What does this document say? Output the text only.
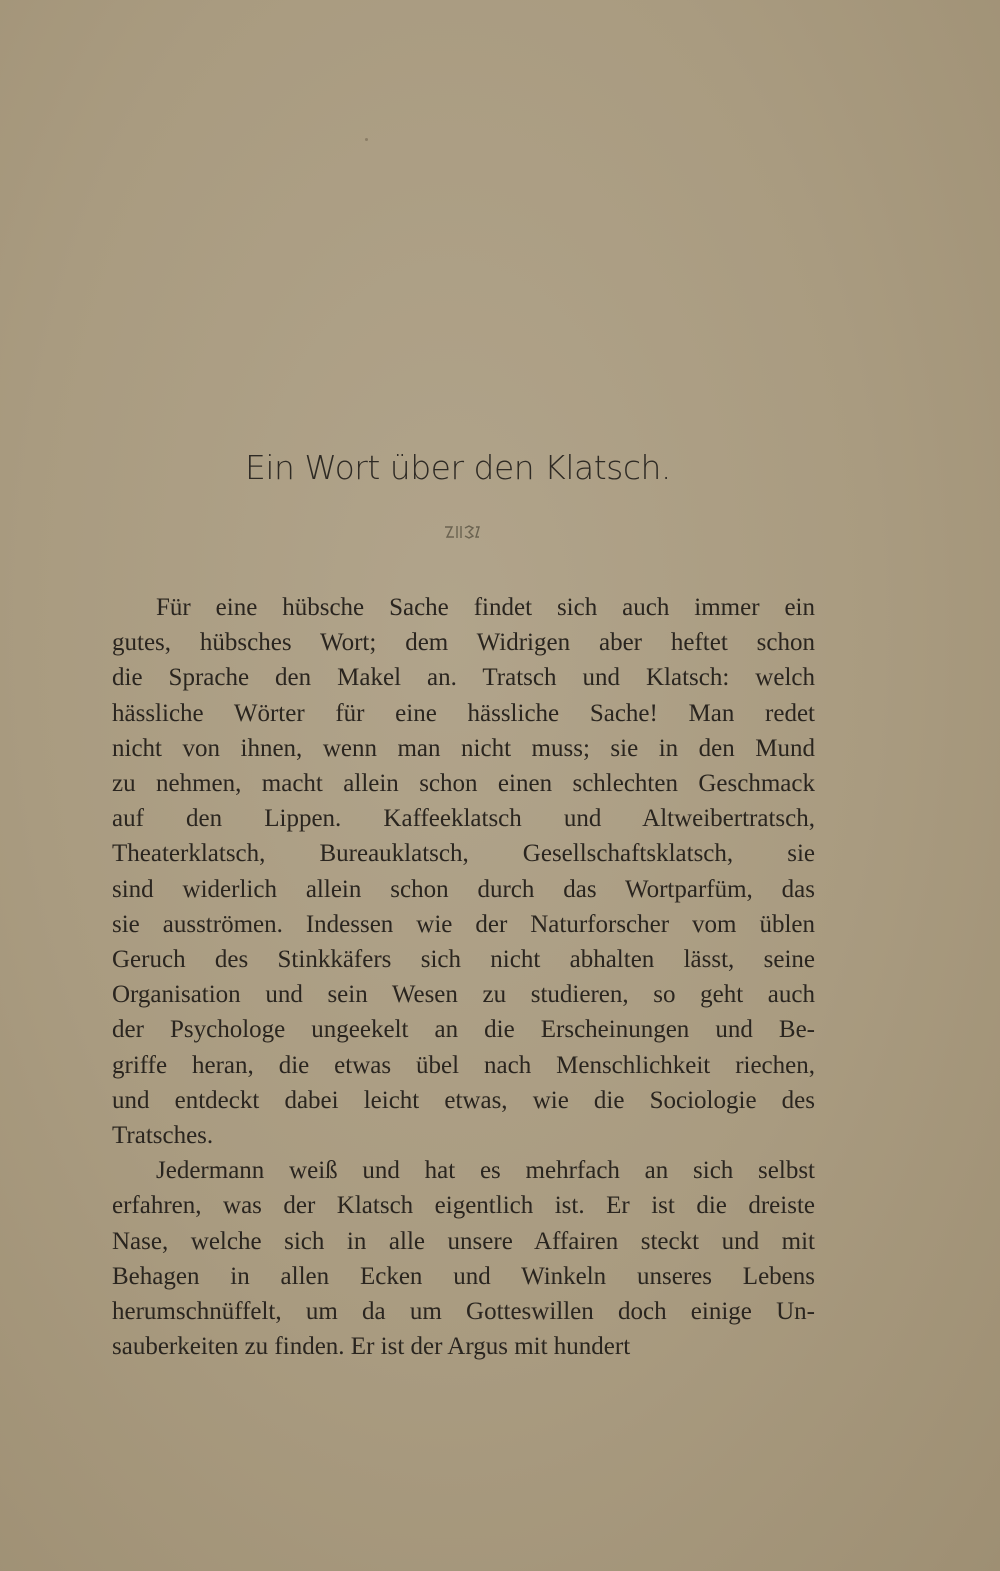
Ein Wort über den Klatsch.
Für eine hübsche Sache findet sich auch immer ein
gutes, hübsches Wort; dem Widrigen aber heftet schon
die Sprache den Makel an. Tratsch und Klatsch: welch
hässliche Wörter für eine hässliche Sache! Man redet
nicht von ihnen, wenn man nicht muss; sie in den Mund
zu nehmen, macht allein schon einen schlechten Geschmack
auf den Lippen. Kaffeeklatsch und Altweibertratsch,
Theaterklatsch, Bureauklatsch, Gesellschaftsklatsch, sie
sind widerlich allein schon durch das Wortparfüm, das
sie ausströmen. Indessen wie der Naturforscher vom üblen
Geruch des Stinkkäfers sich nicht abhalten lässt, seine
Organisation und sein Wesen zu studieren, so geht auch
der Psychologe ungeekelt an die Erscheinungen und Be-
griffe heran, die etwas übel nach Menschlichkeit riechen,
und entdeckt dabei leicht etwas, wie die Sociologie des
Tratsches.
Jedermann weiß und hat es mehrfach an sich selbst
erfahren, was der Klatsch eigentlich ist. Er ist die dreiste
Nase, welche sich in alle unsere Affairen steckt und mit
Behagen in allen Ecken und Winkeln unseres Lebens
herumschnüffelt, um da um Gotteswillen doch einige Un-
sauberkeiten zu finden. Er ist der Argus mit hundert
